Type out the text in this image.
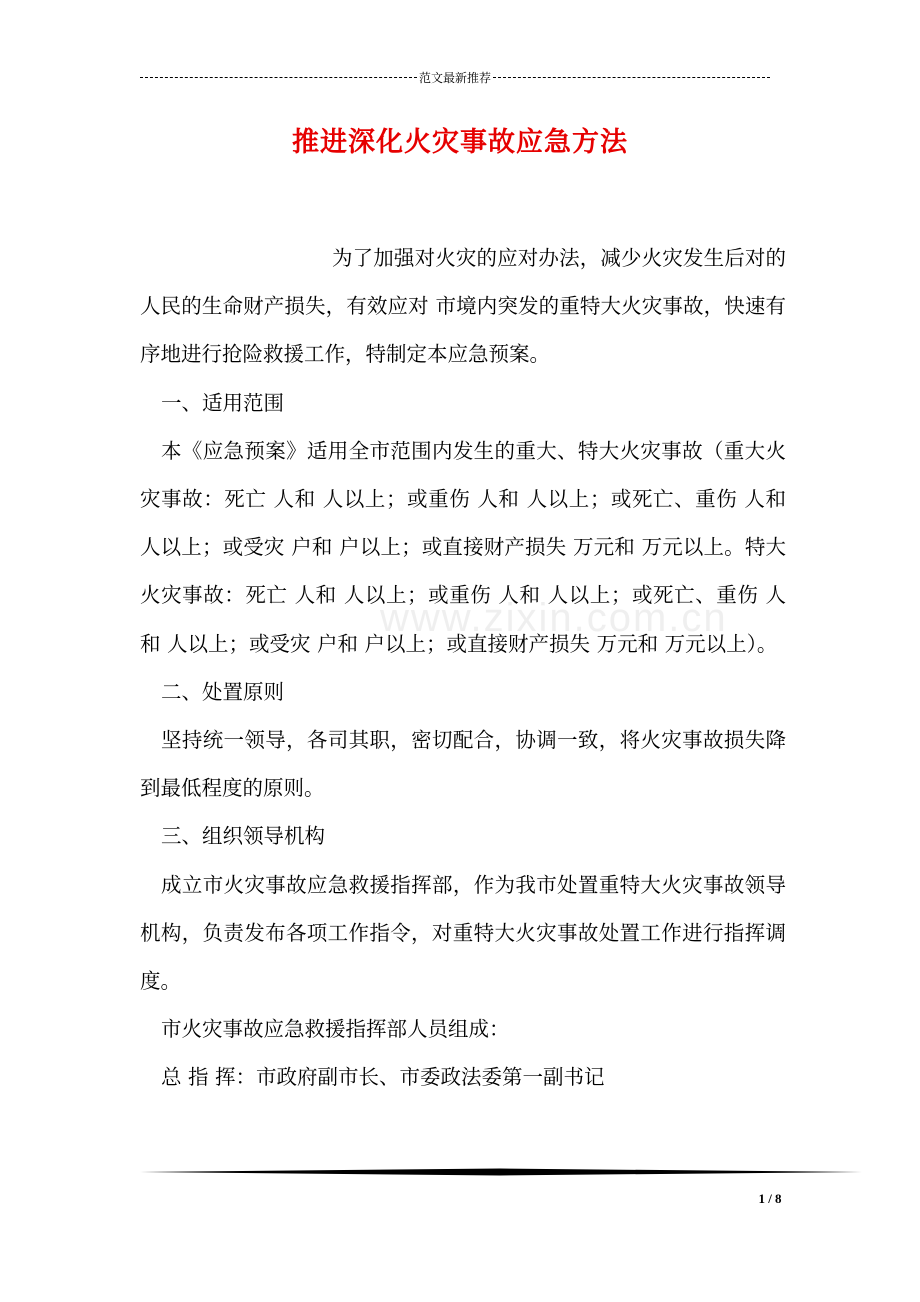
范文最新推荐
推进深化火灾事故应急方法
www.zixin.com.cn

为了加强对火灾的应对办法，减少火灾发生后对的人民的生命财产损失，有效应对 市境内突发的重特大火灾事故，快速有序地进行抢险救援工作，特制定本应急预案。

一、适用范围

本《应急预案》适用全市范围内发生的重大、特大火灾事故（重大火灾事故：死亡 人和 人以上；或重伤 人和 人以上；或死亡、重伤 人和 人以上；或受灾 户和 户以上；或直接财产损失 万元和 万元以上。特大火灾事故：死亡 人和 人以上；或重伤 人和 人以上；或死亡、重伤 人和 人以上；或受灾 户和 户以上；或直接财产损失 万元和 万元以上）。

二、处置原则

坚持统一领导，各司其职，密切配合，协调一致，将火灾事故损失降到最低程度的原则。

三、组织领导机构

成立市火灾事故应急救援指挥部，作为我市处置重特大火灾事故领导机构，负责发布各项工作指令，对重特大火灾事故处置工作进行指挥调度。

市火灾事故应急救援指挥部人员组成：

总 指 挥：市政府副市长、市委政法委第一副书记

1 / 8
